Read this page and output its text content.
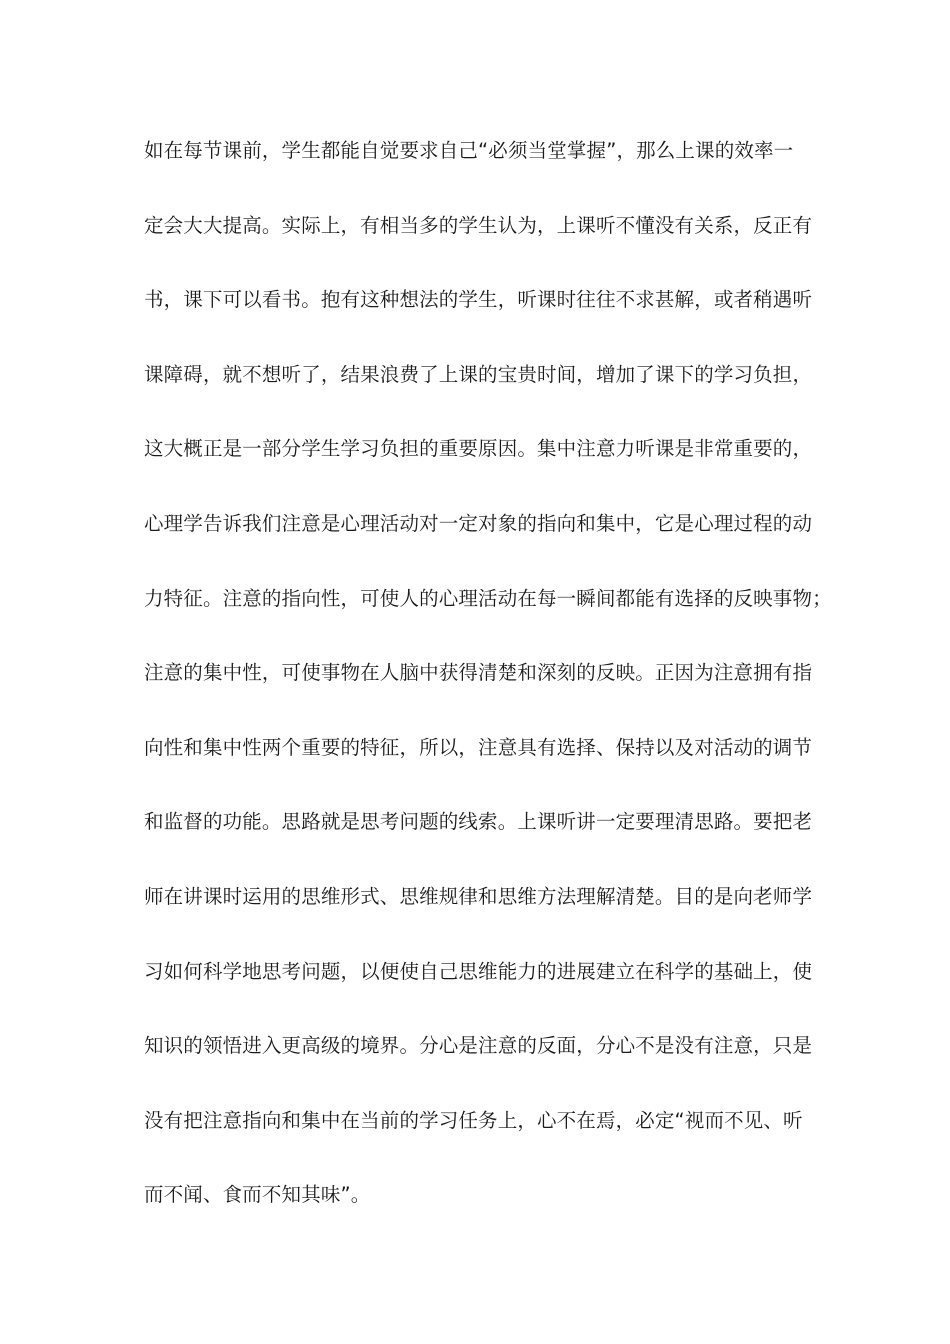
如在每节课前，学生都能自觉要求自己“必须当堂掌握”，那么上课的效率一
定会大大提高。实际上，有相当多的学生认为，上课听不懂没有关系，反正有
书，课下可以看书。抱有这种想法的学生，听课时往往不求甚解，或者稍遇听
课障碍，就不想听了，结果浪费了上课的宝贵时间，增加了课下的学习负担，
这大概正是一部分学生学习负担的重要原因。集中注意力听课是非常重要的，
心理学告诉我们注意是心理活动对一定对象的指向和集中，它是心理过程的动
力特征。注意的指向性，可使人的心理活动在每一瞬间都能有选择的反映事物；
注意的集中性，可使事物在人脑中获得清楚和深刻的反映。正因为注意拥有指
向性和集中性两个重要的特征，所以，注意具有选择、保持以及对活动的调节
和监督的功能。思路就是思考问题的线索。上课听讲一定要理清思路。要把老
师在讲课时运用的思维形式、思维规律和思维方法理解清楚。目的是向老师学
习如何科学地思考问题，以便使自己思维能力的进展建立在科学的基础上，使
知识的领悟进入更高级的境界。分心是注意的反面，分心不是没有注意，只是
没有把注意指向和集中在当前的学习任务上，心不在焉，必定“视而不见、听
而不闻、食而不知其味”。
